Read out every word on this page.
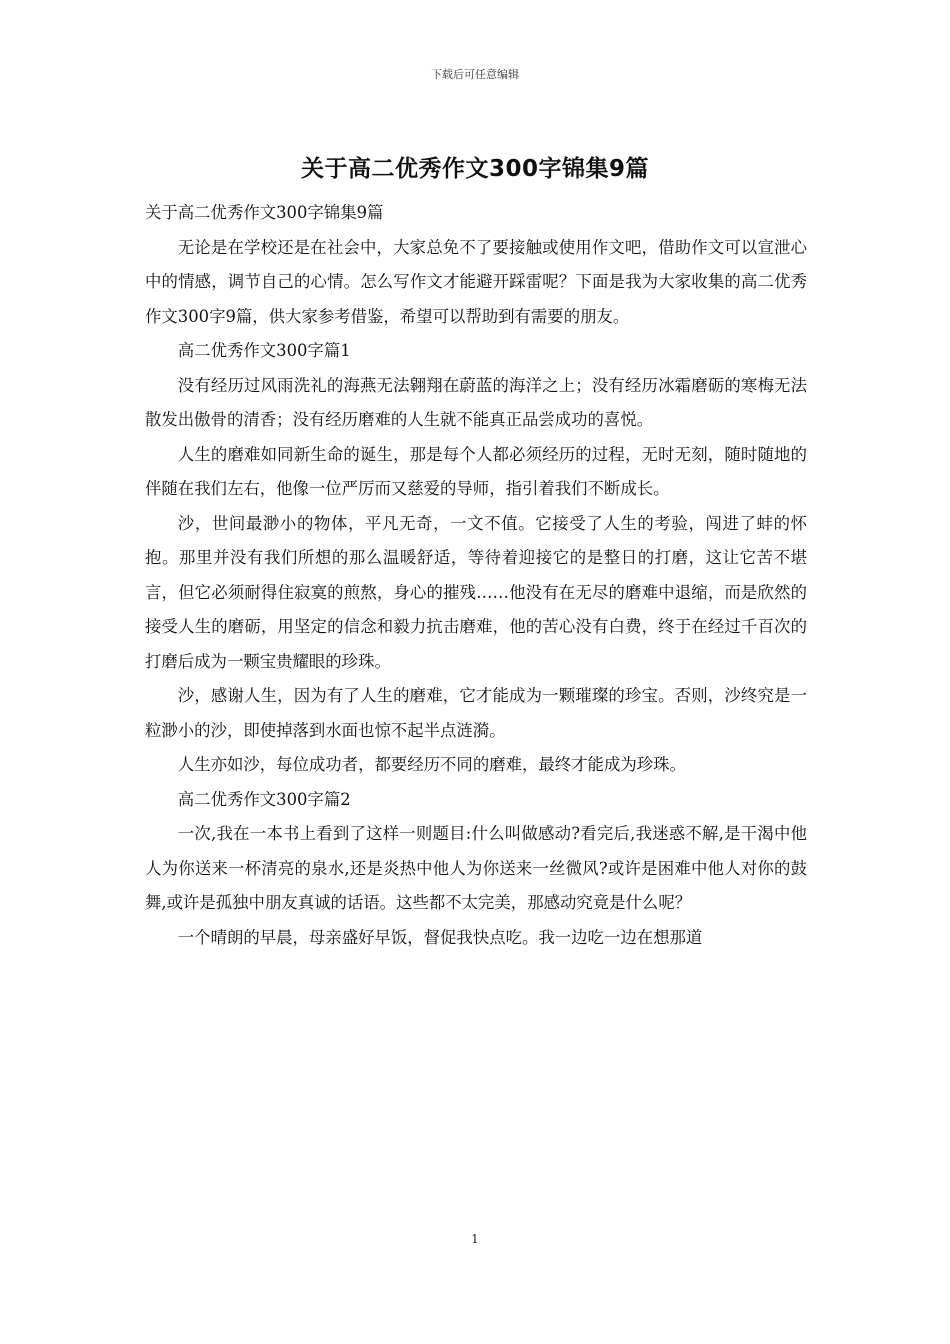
下载后可任意编辑
关于高二优秀作文300字锦集9篇

关于高二优秀作文300字锦集9篇

无论是在学校还是在社会中，大家总免不了要接触或使用作文吧，借助作文可以宣泄心中的情感，调节自己的心情。怎么写作文才能避开踩雷呢？下面是我为大家收集的高二优秀作文300字9篇，供大家参考借鉴，希望可以帮助到有需要的朋友。

高二优秀作文300字篇1

没有经历过风雨洗礼的海燕无法翱翔在蔚蓝的海洋之上；没有经历冰霜磨砺的寒梅无法散发出傲骨的清香；没有经历磨难的人生就不能真正品尝成功的喜悦。

人生的磨难如同新生命的诞生，那是每个人都必须经历的过程，无时无刻，随时随地的伴随在我们左右，他像一位严厉而又慈爱的导师，指引着我们不断成长。

沙，世间最渺小的物体，平凡无奇，一文不值。它接受了人生的考验，闯进了蚌的怀抱。那里并没有我们所想的那么温暖舒适，等待着迎接它的是整日的打磨，这让它苦不堪言，但它必须耐得住寂寞的煎熬，身心的摧残……他没有在无尽的磨难中退缩，而是欣然的接受人生的磨砺，用坚定的信念和毅力抗击磨难，他的苦心没有白费，终于在经过千百次的打磨后成为一颗宝贵耀眼的珍珠。

沙，感谢人生，因为有了人生的磨难，它才能成为一颗璀璨的珍宝。否则，沙终究是一粒渺小的沙，即使掉落到水面也惊不起半点涟漪。

人生亦如沙，每位成功者，都要经历不同的磨难，最终才能成为珍珠。

高二优秀作文300字篇2

一次,我在一本书上看到了这样一则题目:什么叫做感动?看完后,我迷惑不解,是干渴中他人为你送来一杯清亮的泉水,还是炎热中他人为你送来一丝微风?或许是困难中他人对你的鼓舞,或许是孤独中朋友真诚的话语。这些都不太完美，那感动究竟是什么呢？

一个晴朗的早晨，母亲盛好早饭，督促我快点吃。我一边吃一边在想那道

1
